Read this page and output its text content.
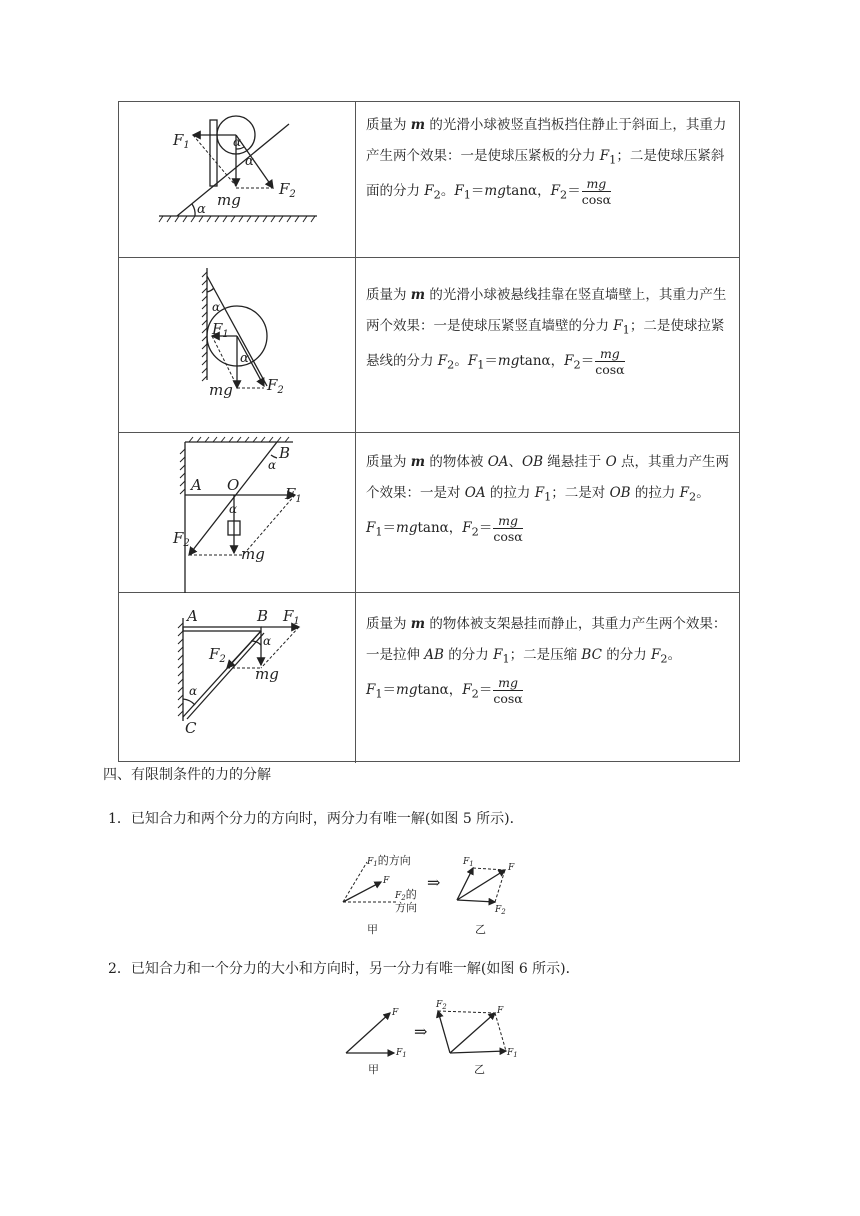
$F_1$	α
α
mg
$F_2$
α

质量为 m 的光滑小球被竖直挡板挡住静止于斜面上，其重力产生两个效果：一是使球压紧板的分力 $F_1$；二是使球压紧斜面的分力 $F_2$。$F_1=mgtan\alpha$，$F_2= \frac{mg}{\cos\alpha}$

α
$F_1$
α
mg $F_2$

质量为 m 的光滑小球被悬线挂靠在竖直墙壁上，其重力产生两个效果：一是使球压紧竖直墙壁的分力 $F_1$；二是使球拉紧悬线的分力 $F_2$。$F_1=mgtan\alpha$，$F_2= \frac{mg}{\cos\alpha}$

B
A O
α
α
$F_1$
$F_2$
mg

质量为 m 的物体被 OA、OB 绳悬挂于 O 点，其重力产生两个效果：一是对 OA 的拉力 $F_1$；二是对 OB 的拉力 $F_2$。
$F_1=mgtan\alpha$，$F_2= \frac{mg}{\cos\alpha}$

A	B $F_1$
α
$F_2$
mg
α
C

质量为 m 的物体被支架悬挂而静止，其重力产生两个效果：一是拉伸 AB 的分力 $F_1$；二是压缩 BC 的分力 $F_2$。
$F_1=mgtan\alpha$，$F_2= \frac{mg}{\cos\alpha}$

四、有限制条件的力的分解
1．已知合力和两个分力的方向时，两分力有唯一解(如图 5 所示)．
$F_1$的方向
F
$F_2$的
方向
⇒
$F_1$	F
$F_2$
甲	乙
2．已知合力和一个分力的大小和方向时，另一分力有唯一解(如图 6 所示)．
F
$F_1$
⇒
$F_2$	F
$F_1$
甲	乙
